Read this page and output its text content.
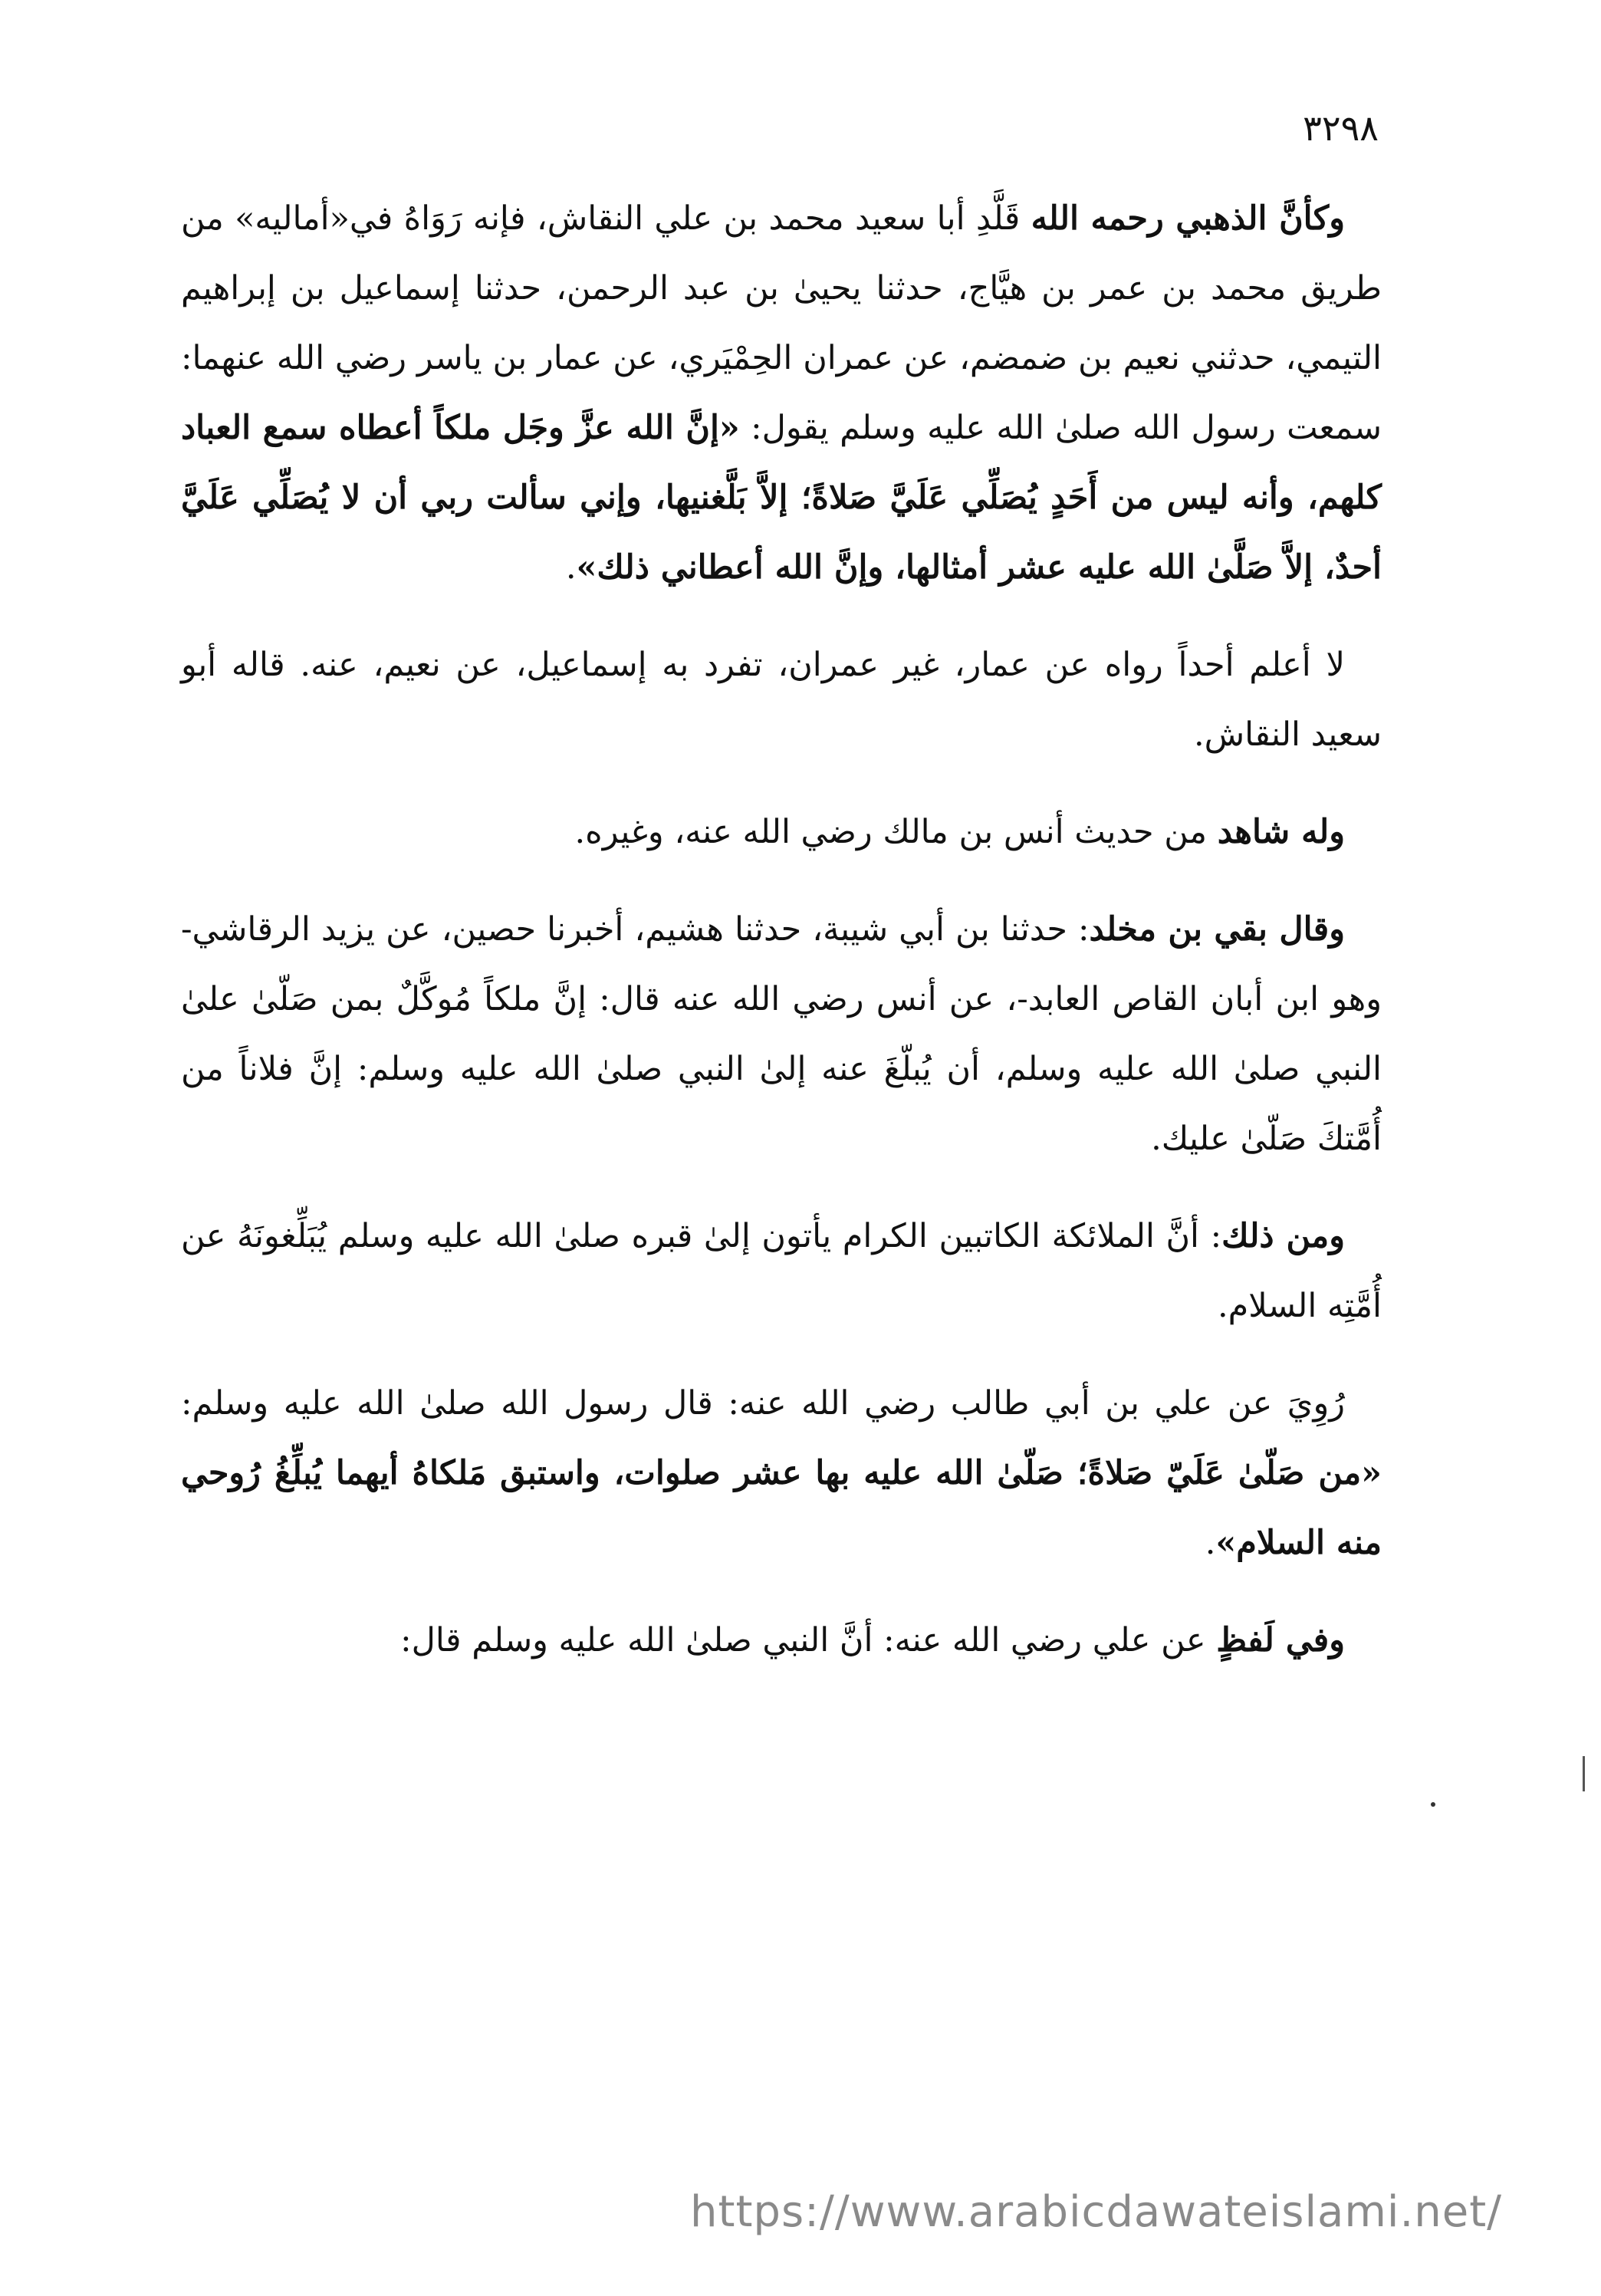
٣٢٩٨

وكأنَّ الذهبي رحمه الله قَلَّدِ أبا سعيد محمد بن علي النقاش، فإنه رَوَاهُ في«أماليه» من طريق محمد بن عمر بن هيَّاج، حدثنا يحيىٰ بن عبد الرحمن، حدثنا إسماعيل بن إبراهيم التيمي، حدثني نعيم بن ضمضم، عن عمران الحِمْيَري، عن عمار بن ياسر رضي الله عنهما: سمعت رسول الله صلىٰ الله عليه وسلم يقول: «إنَّ الله عزَّ وجَل ملكاً أعطاه سمع العباد كلهم، وأنه ليس من أَحَدٍ يُصَلِّي عَلَيَّ صَلاةً؛ إلاَّ بَلَّغنيها، وإني سألت ربي أن لا يُصَلِّي عَلَيَّ أحدٌ، إلاَّ صَلَّىٰ الله عليه عشر أمثالها، وإنَّ الله أعطاني ذلك».

لا أعلم أحداً رواه عن عمار، غير عمران، تفرد به إسماعيل، عن نعيم، عنه. قاله أبو سعيد النقاش.

وله شاهد من حديث أنس بن مالك رضي الله عنه، وغيره.

وقال بقي بن مخلد: حدثنا بن أبي شيبة، حدثنا هشيم، أخبرنا حصين، عن يزيد الرقاشي- وهو ابن أبان القاص العابد-، عن أنس رضي الله عنه قال: إنَّ ملكاً مُوكَّلٌ بمن صَلّىٰ علىٰ النبي صلىٰ الله عليه وسلم، أن يُبلّغَ عنه إلىٰ النبي صلىٰ الله عليه وسلم: إنَّ فلاناً من أُمَّتكَ صَلّىٰ عليك.

ومن ذلك: أنَّ الملائكة الكاتبين الكرام يأتون إلىٰ قبره صلىٰ الله عليه وسلم يُبَلِّغونَهُ عن أُمَّتِه السلام.

رُوِيَ عن علي بن أبي طالب رضي الله عنه: قال رسول الله صلىٰ الله عليه وسلم: «من صَلّىٰ عَلَيّ صَلاةً؛ صَلّىٰ الله عليه بها عشر صلوات، واستبق مَلكاهُ أيهما يُبلِّغُ رُوحي منه السلام».

وفي لَفظٍ عن علي رضي الله عنه: أنَّ النبي صلىٰ الله عليه وسلم قال:

https://www.arabicdawateislami.net/
